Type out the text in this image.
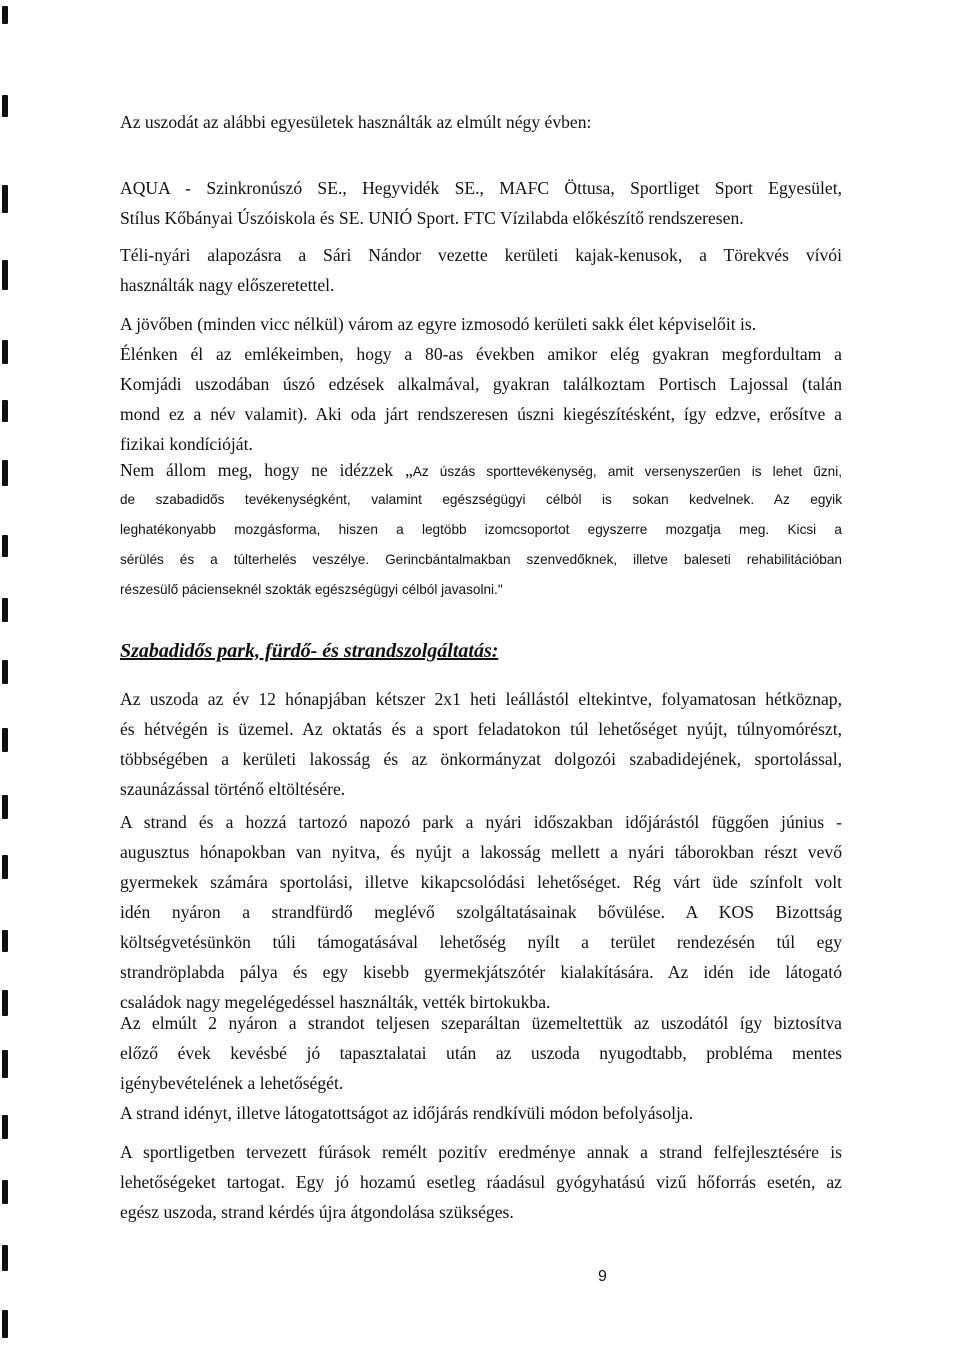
Az uszodát az alábbi egyesületek használták az elmúlt négy évben:

AQUA - Szinkronúszó SE., Hegyvidék SE., MAFC Öttusa, Sportliget Sport Egyesület,
Stílus Kőbányai Úszóiskola és SE. UNIÓ Sport. FTC Vízilabda előkészítő rendszeresen.

Téli-nyári alapozásra a Sári Nándor vezette kerületi kajak-kenusok, a Törekvés vívói
használták nagy előszeretettel.

A jövőben (minden vicc nélkül) várom az egyre izmosodó kerületi sakk élet képviselőit is.

Élénken él az emlékeimben, hogy a 80-as években amikor elég gyakran megfordultam a
Komjádi uszodában úszó edzések alkalmával, gyakran találkoztam Portisch Lajossal (talán
mond ez a név valamit). Aki oda járt rendszeresen úszni kiegészítésként, így edzve, erősítve a
fizikai kondícióját.

Nem állom meg, hogy ne idézzek „Az úszás sporttevékenység, amit versenyszerűen is lehet űzni,
de szabadidős tevékenységként, valamint egészségügyi célból is sokan kedvelnek. Az egyik
leghatékonyabb mozgásforma, hiszen a legtöbb izomcsoportot egyszerre mozgatja meg. Kicsi a
sérülés és a túlterhelés veszélye. Gerincbántalmakban szenvedőknek, illetve baleseti rehabilitációban
részesülő pácienseknél szokták egészségügyi célból javasolni."

Szabadidős park, fürdő- és strandszolgáltatás:

Az uszoda az év 12 hónapjában kétszer 2x1 heti leállástól eltekintve, folyamatosan hétköznap,
és hétvégén is üzemel. Az oktatás és a sport feladatokon túl lehetőséget nyújt, túlnyomórészt,
többségében a kerületi lakosság és az önkormányzat dolgozói szabadidejének, sportolással,
szaunázással történő eltöltésére.

A strand és a hozzá tartozó napozó park a nyári időszakban időjárástól függően június -
augusztus hónapokban van nyitva, és nyújt a lakosság mellett a nyári táborokban részt vevő
gyermekek számára sportolási, illetve kikapcsolódási lehetőséget. Rég várt üde színfolt volt
idén nyáron a strandfürdő meglévő szolgáltatásainak bővülése. A KOS Bizottság
költségvetésünkön túli támogatásával lehetőség nyílt a terület rendezésén túl egy
strandröplabda pálya és egy kisebb gyermekjátszótér kialakítására. Az idén ide látogató
családok nagy megelégedéssel használták, vették birtokukba.

Az elmúlt 2 nyáron a strandot teljesen szeparáltan üzemeltettük az uszodától így biztosítva
előző évek kevésbé jó tapasztalatai után az uszoda nyugodtabb, probléma mentes
igénybevételének a lehetőségét.

A strand idényt, illetve látogatottságot az időjárás rendkívüli módon befolyásolja.

A sportligetben tervezett fúrások remélt pozitív eredménye annak a strand felfejlesztésére is
lehetőségeket tartogat. Egy jó hozamú esetleg ráadásul gyógyhatású vizű hőforrás esetén, az
egész uszoda, strand kérdés újra átgondolása szükséges.

9
